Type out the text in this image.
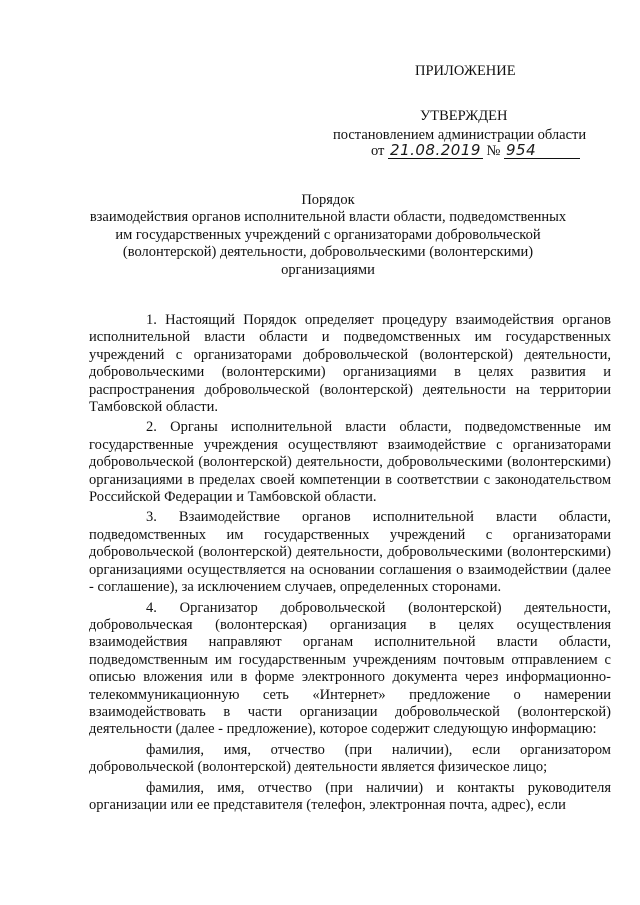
ПРИЛОЖЕНИЕ
УТВЕРЖДЕН
постановлением администрации области
от 21.08.2019 № 954
Порядок
взаимодействия органов исполнительной власти области, подведомственных
им государственных учреждений с организаторами добровольческой
(волонтерской) деятельности, добровольческими (волонтерскими)
организациями

1. Настоящий Порядок определяет процедуру взаимодействия органов исполнительной власти области и подведомственных им государственных учреждений с организаторами добровольческой (волонтерской) деятельности, добровольческими (волонтерскими) организациями в целях развития и распространения добровольческой (волонтерской) деятельности на территории Тамбовской области.

2. Органы исполнительной власти области, подведомственные им государственные учреждения осуществляют взаимодействие с организаторами добровольческой (волонтерской) деятельности, добровольческими (волонтерскими) организациями в пределах своей компетенции в соответствии с законодательством Российской Федерации и Тамбовской области.

3. Взаимодействие органов исполнительной власти области, подведомственных им государственных учреждений с организаторами добровольческой (волонтерской) деятельности, добровольческими (волонтерскими) организациями осуществляется на основании соглашения о взаимодействии (далее - соглашение), за исключением случаев, определенных сторонами.

4. Организатор добровольческой (волонтерской) деятельности, добровольческая (волонтерская) организация в целях осуществления взаимодействия направляют органам исполнительной власти области, подведомственным им государственным учреждениям почтовым отправлением с описью вложения или в форме электронного документа через информационно-телекоммуникационную сеть «Интернет» предложение о намерении взаимодействовать в части организации добровольческой (волонтерской) деятельности (далее - предложение), которое содержит следующую информацию:

фамилия, имя, отчество (при наличии), если организатором добровольческой (волонтерской) деятельности является физическое лицо;

фамилия, имя, отчество (при наличии) и контакты руководителя организации или ее представителя (телефон, электронная почта, адрес), если
